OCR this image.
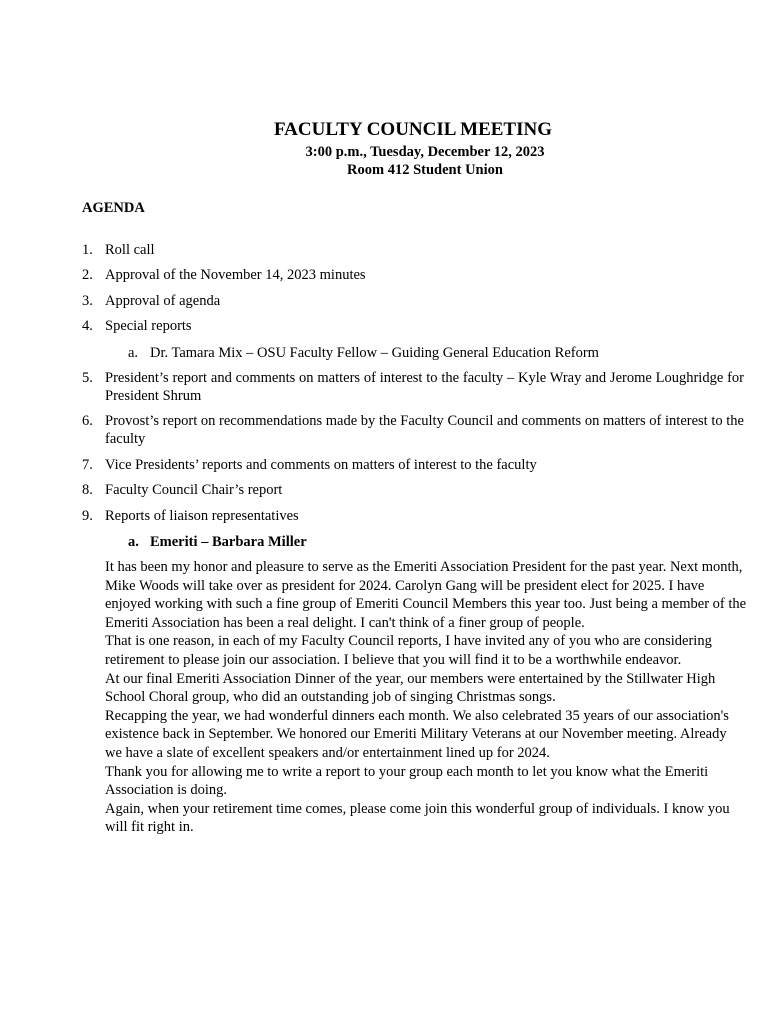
FACULTY COUNCIL MEETING
3:00 p.m., Tuesday, December 12, 2023
Room 412 Student Union
AGENDA
1. Roll call
2. Approval of the November 14, 2023 minutes
3. Approval of agenda
4. Special reports
a. Dr. Tamara Mix – OSU Faculty Fellow – Guiding General Education Reform
5. President’s report and comments on matters of interest to the faculty – Kyle Wray and Jerome Loughridge for President Shrum
6. Provost’s report on recommendations made by the Faculty Council and comments on matters of interest to the faculty
7. Vice Presidents’ reports and comments on matters of interest to the faculty
8. Faculty Council Chair’s report
9. Reports of liaison representatives
a. Emeriti – Barbara Miller

It has been my honor and pleasure to serve as the Emeriti Association President for the past year. Next month, Mike Woods will take over as president for 2024. Carolyn Gang will be president elect for 2025. I have enjoyed working with such a fine group of Emeriti Council Members this year too. Just being a member of the Emeriti Association has been a real delight. I can't think of a finer group of people.

That is one reason, in each of my Faculty Council reports, I have invited any of you who are considering retirement to please join our association. I believe that you will find it to be a worthwhile endeavor.

At our final Emeriti Association Dinner of the year, our members were entertained by the Stillwater High School Choral group, who did an outstanding job of singing Christmas songs.

Recapping the year, we had wonderful dinners each month. We also celebrated 35 years of our association's existence back in September. We honored our Emeriti Military Veterans at our November meeting. Already we have a slate of excellent speakers and/or entertainment lined up for 2024.

Thank you for allowing me to write a report to your group each month to let you know what the Emeriti Association is doing.

Again, when your retirement time comes, please come join this wonderful group of individuals. I know you will fit right in.
